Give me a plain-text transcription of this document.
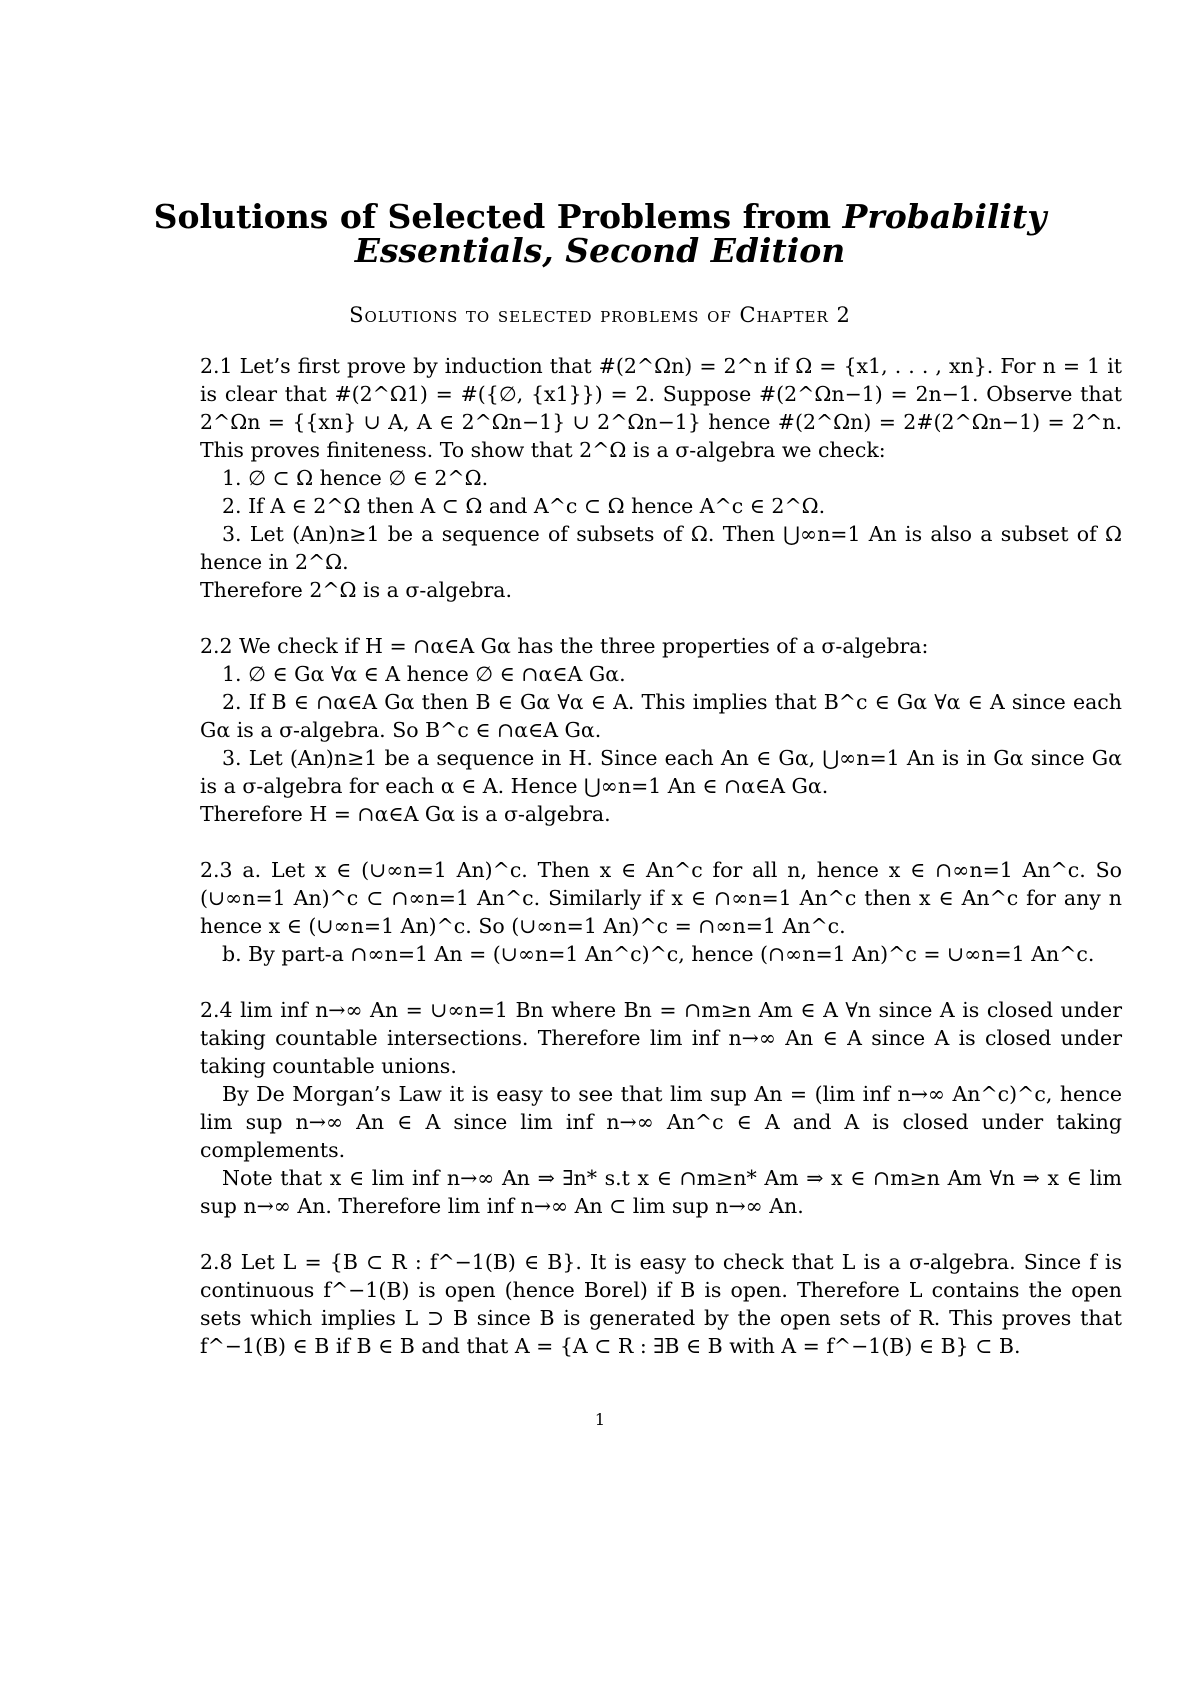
Solutions of Selected Problems from Probability
Essentials, Second Edition
Solutions to selected problems of Chapter 2

2.1 Let’s first prove by induction that #(2^Ωn) = 2^n if Ω = {x1, . . . , xn}. For n = 1 it is clear that #(2^Ω1) = #({∅, {x1}}) = 2. Suppose #(2^Ωn−1) = 2n−1. Observe that 2^Ωn = {{xn} ∪ A, A ∈ 2^Ωn−1} ∪ 2^Ωn−1} hence #(2^Ωn) = 2#(2^Ωn−1) = 2^n. This proves finiteness. To show that 2^Ω is a σ-algebra we check:

1. ∅ ⊂ Ω hence ∅ ∈ 2^Ω.

2. If A ∈ 2^Ω then A ⊂ Ω and A^c ⊂ Ω hence A^c ∈ 2^Ω.

3. Let (An)n≥1 be a sequence of subsets of Ω. Then ⋃∞n=1 An is also a subset of Ω hence in 2^Ω.

Therefore 2^Ω is a σ-algebra.

2.2 We check if H = ∩α∈A Gα has the three properties of a σ-algebra:

1. ∅ ∈ Gα ∀α ∈ A hence ∅ ∈ ∩α∈A Gα.

2. If B ∈ ∩α∈A Gα then B ∈ Gα ∀α ∈ A. This implies that B^c ∈ Gα ∀α ∈ A since each Gα is a σ-algebra. So B^c ∈ ∩α∈A Gα.

3. Let (An)n≥1 be a sequence in H. Since each An ∈ Gα, ⋃∞n=1 An is in Gα since Gα is a σ-algebra for each α ∈ A. Hence ⋃∞n=1 An ∈ ∩α∈A Gα.

Therefore H = ∩α∈A Gα is a σ-algebra.

2.3 a. Let x ∈ (∪∞n=1 An)^c. Then x ∈ An^c for all n, hence x ∈ ∩∞n=1 An^c. So (∪∞n=1 An)^c ⊂ ∩∞n=1 An^c. Similarly if x ∈ ∩∞n=1 An^c then x ∈ An^c for any n hence x ∈ (∪∞n=1 An)^c. So (∪∞n=1 An)^c = ∩∞n=1 An^c.

b. By part-a ∩∞n=1 An = (∪∞n=1 An^c)^c, hence (∩∞n=1 An)^c = ∪∞n=1 An^c.

2.4 lim inf n→∞ An = ∪∞n=1 Bn where Bn = ∩m≥n Am ∈ A ∀n since A is closed under taking countable intersections. Therefore lim inf n→∞ An ∈ A since A is closed under taking countable unions.

By De Morgan’s Law it is easy to see that lim sup An = (lim inf n→∞ An^c)^c, hence lim sup n→∞ An ∈ A since lim inf n→∞ An^c ∈ A and A is closed under taking complements.

Note that x ∈ lim inf n→∞ An ⇒ ∃n* s.t x ∈ ∩m≥n* Am ⇒ x ∈ ∩m≥n Am ∀n ⇒ x ∈ lim sup n→∞ An. Therefore lim inf n→∞ An ⊂ lim sup n→∞ An.

2.8 Let L = {B ⊂ R : f^−1(B) ∈ B}. It is easy to check that L is a σ-algebra. Since f is continuous f^−1(B) is open (hence Borel) if B is open. Therefore L contains the open sets which implies L ⊃ B since B is generated by the open sets of R. This proves that f^−1(B) ∈ B if B ∈ B and that A = {A ⊂ R : ∃B ∈ B with A = f^−1(B) ∈ B} ⊂ B.

1
